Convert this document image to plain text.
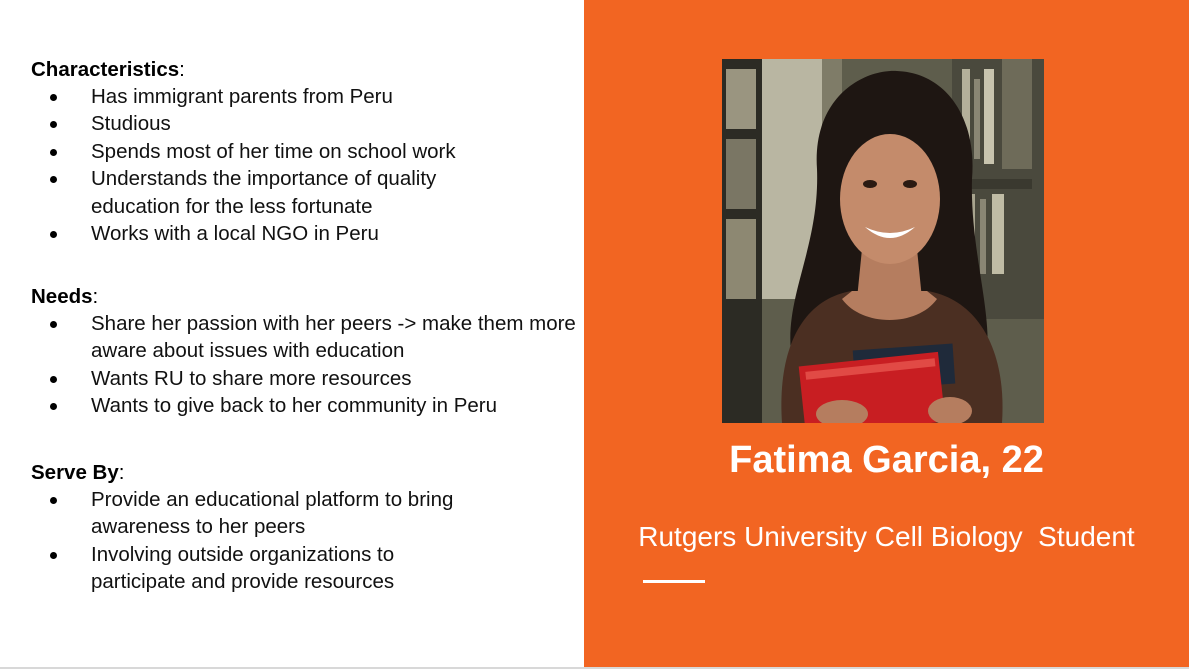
Characteristics:
Has immigrant parents from Peru
Studious
Spends most of her time on school work
Understands the importance of quality education for the less fortunate
Works with a local NGO in Peru
Needs:
Share her passion with her peers -> make them more aware about issues with education
Wants RU to share more resources
Wants to give back to her community in Peru
Serve By:
Provide an educational platform to bring awareness to her peers
Involving outside organizations to participate and provide resources
Fatima Garcia, 22
Rutgers University Cell Biology  Student
